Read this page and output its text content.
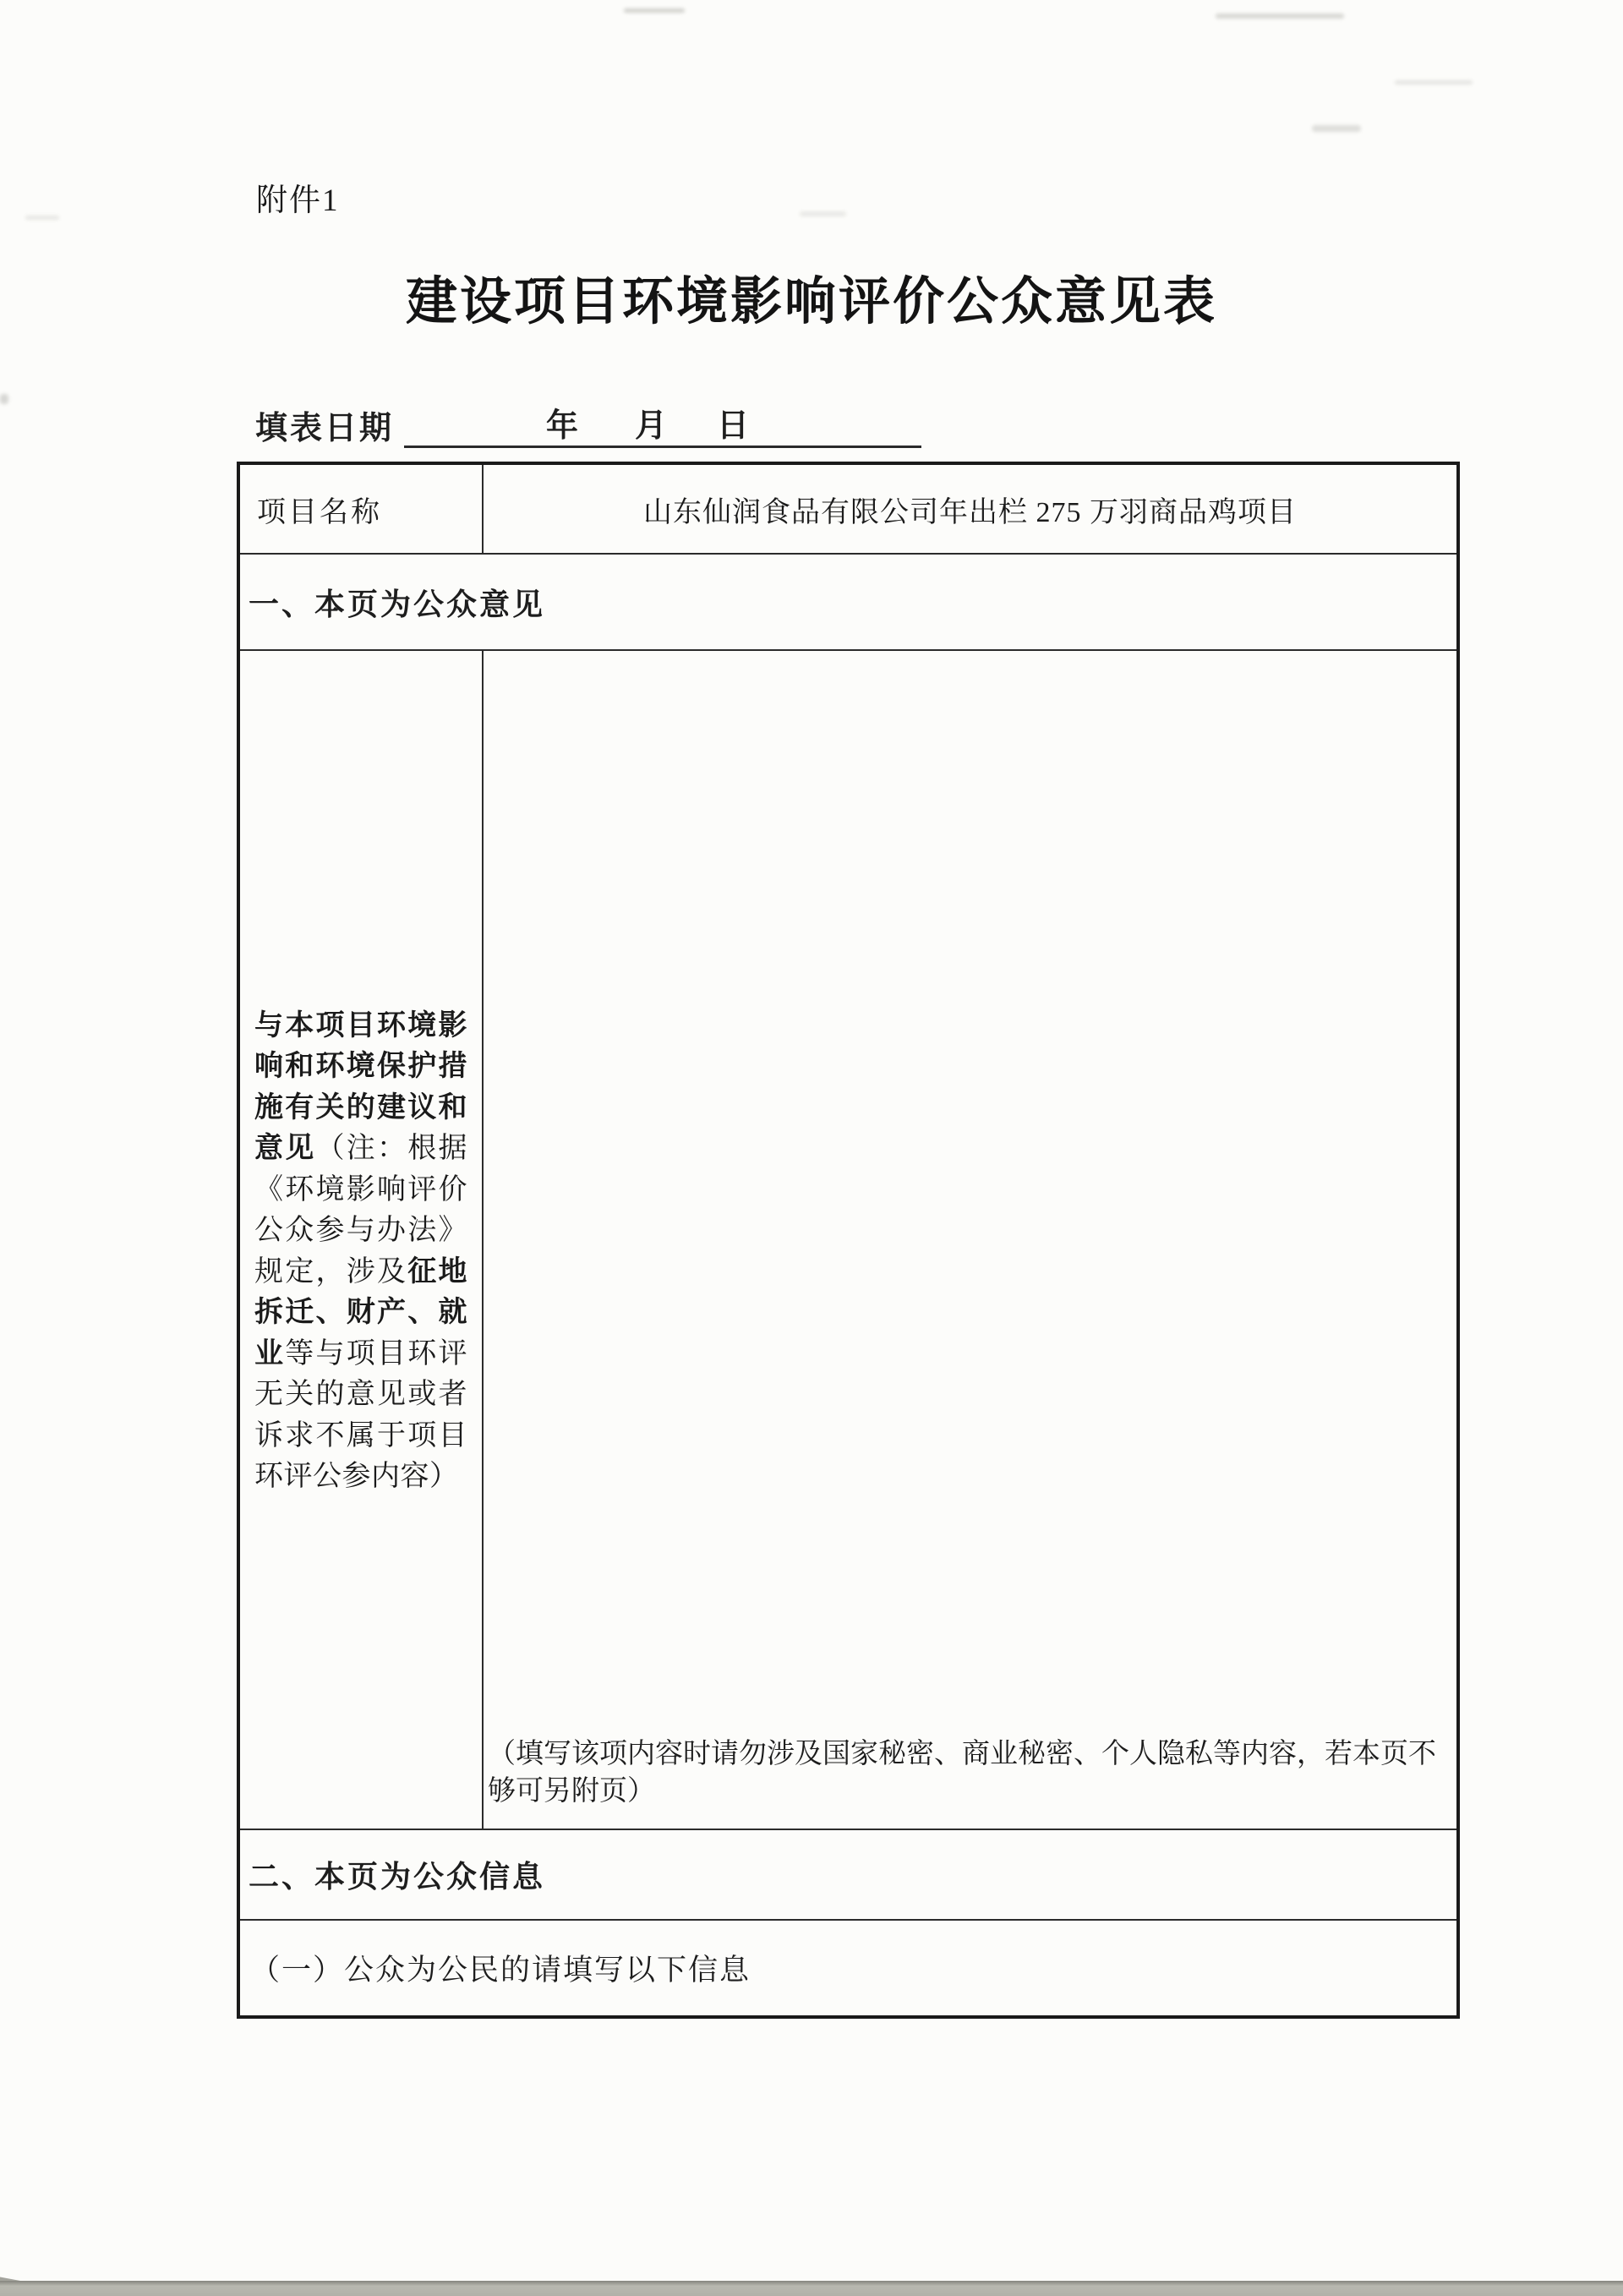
附件1
建设项目环境影响评价公众意见表
填表日期	年 月 日
项目名称	山东仙润食品有限公司年出栏 275 万羽商品鸡项目
一、本页为公众意见
与本项目环境影响和环境保护措施有关的建议和意见（注：根据《环境影响评价公众参与办法》规定，涉及征地拆迁、财产、就业等与项目环评无关的意见或者诉求不属于项目环评公参内容）
（填写该项内容时请勿涉及国家秘密、商业秘密、个人隐私等内容，若本页不够可另附页）
二、本页为公众信息
（一）公众为公民的请填写以下信息
